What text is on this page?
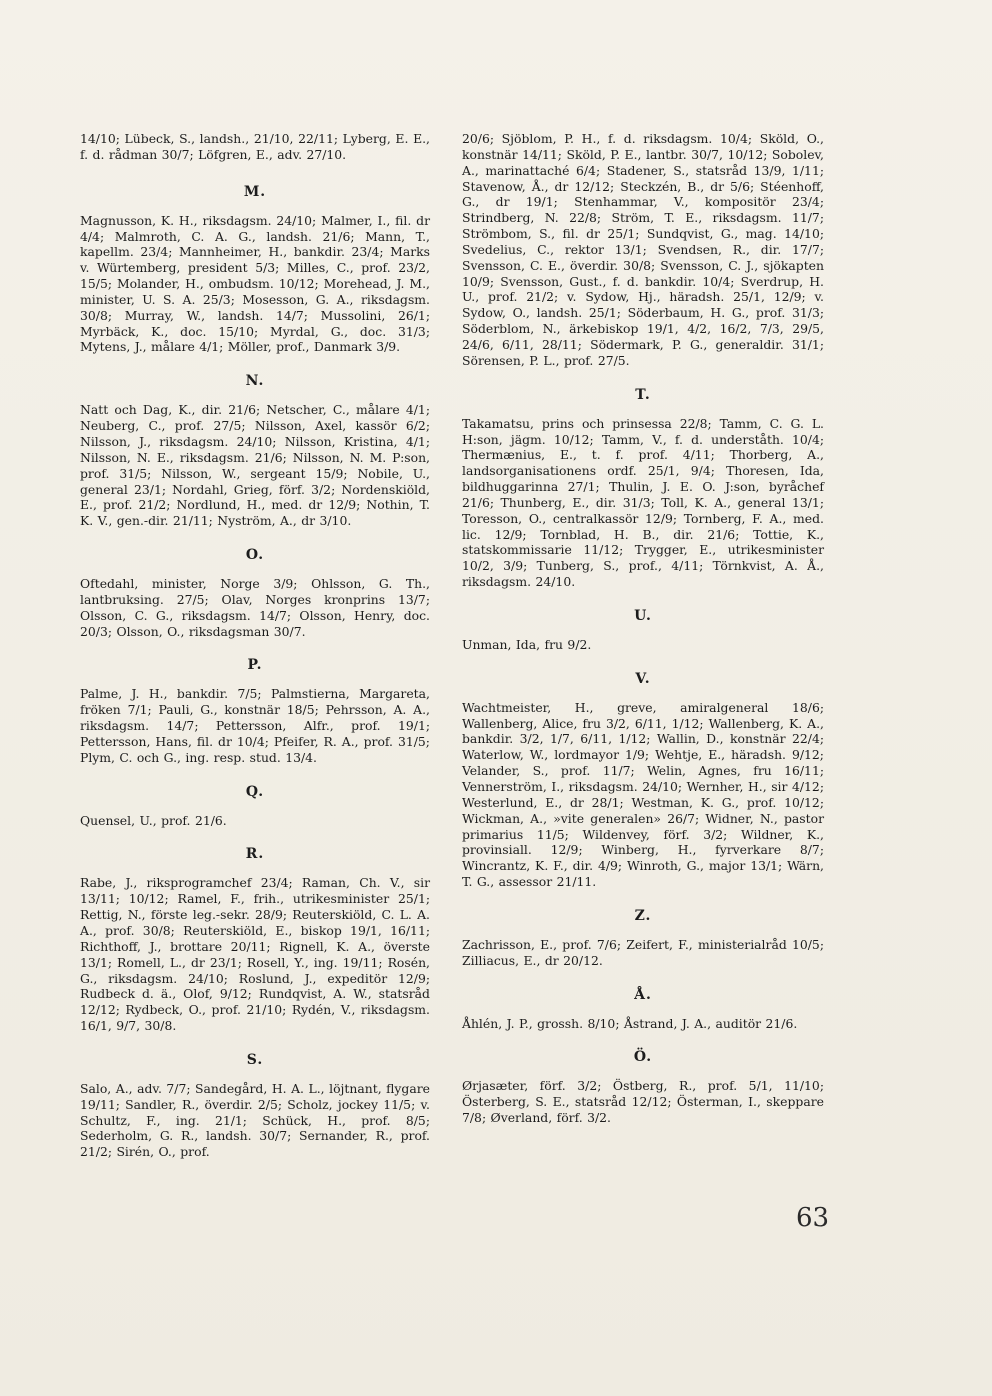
14/10; Lübeck, S., landsh., 21/10, 22/11; Lyberg, E. E., f. d. rådman 30/7; Löfgren, E., adv. 27/10.

M.

Magnusson, K. H., riksdagsm. 24/10; Malmer, I., fil. dr 4/4; Malmroth, C. A. G., landsh. 21/6; Mann, T., kapellm. 23/4; Mannheimer, H., bankdir. 23/4; Marks v. Würtemberg, president 5/3; Milles, C., prof. 23/2, 15/5; Molander, H., ombudsm. 10/12; Morehead, J. M., minister, U. S. A. 25/3; Mosesson, G. A., riksdagsm. 30/8; Murray, W., landsh. 14/7; Mussolini, 26/1; Myrbäck, K., doc. 15/10; Myrdal, G., doc. 31/3; Mytens, J., målare 4/1; Möller, prof., Danmark 3/9.

N.

Natt och Dag, K., dir. 21/6; Netscher, C., målare 4/1; Neuberg, C., prof. 27/5; Nilsson, Axel, kassör 6/2; Nilsson, J., riksdagsm. 24/10; Nilsson, Kristina, 4/1; Nilsson, N. E., riksdagsm. 21/6; Nilsson, N. M. P:son, prof. 31/5; Nilsson, W., sergeant 15/9; Nobile, U., general 23/1; Nordahl, Grieg, förf. 3/2; Nordenskiöld, E., prof. 21/2; Nordlund, H., med. dr 12/9; Nothin, T. K. V., gen.-dir. 21/11; Nyström, A., dr 3/10.

O.

Oftedahl, minister, Norge 3/9; Ohlsson, G. Th., lantbruksing. 27/5; Olav, Norges kronprins 13/7; Olsson, C. G., riksdagsm. 14/7; Olsson, Henry, doc. 20/3; Olsson, O., riksdagsman 30/7.

P.

Palme, J. H., bankdir. 7/5; Palmstierna, Margareta, fröken 7/1; Pauli, G., konstnär 18/5; Pehrsson, A. A., riksdagsm. 14/7; Pettersson, Alfr., prof. 19/1; Pettersson, Hans, fil. dr 10/4; Pfeifer, R. A., prof. 31/5; Plym, C. och G., ing. resp. stud. 13/4.

Q.

Quensel, U., prof. 21/6.

R.

Rabe, J., riksprogramchef 23/4; Raman, Ch. V., sir 13/11; 10/12; Ramel, F., frih., utrikesminister 25/1; Rettig, N., förste leg.-sekr. 28/9; Reuterskiöld, C. L. A. A., prof. 30/8; Reuterskiöld, E., biskop 19/1, 16/11; Richthoff, J., brottare 20/11; Rignell, K. A., överste 13/1; Romell, L., dr 23/1; Rosell, Y., ing. 19/11; Rosén, G., riksdagsm. 24/10; Roslund, J., expeditör 12/9; Rudbeck d. ä., Olof, 9/12; Rundqvist, A. W., statsråd 12/12; Rydbeck, O., prof. 21/10; Rydén, V., riksdagsm. 16/1, 9/7, 30/8.

S.

Salo, A., adv. 7/7; Sandegård, H. A. L., löjtnant, flygare 19/11; Sandler, R., överdir. 2/5; Scholz, jockey 11/5; v. Schultz, F., ing. 21/1; Schück, H., prof. 8/5; Sederholm, G. R., landsh. 30/7; Sernander, R., prof. 21/2; Sirén, O., prof.

20/6; Sjöblom, P. H., f. d. riksdagsm. 10/4; Sköld, O., konstnär 14/11; Sköld, P. E., lantbr. 30/7, 10/12; Sobolev, A., marinattaché 6/4; Stadener, S., statsråd 13/9, 1/11; Stavenow, Å., dr 12/12; Steckzén, B., dr 5/6; Stéenhoff, G., dr 19/1; Stenhammar, V., kompositör 23/4; Strindberg, N. 22/8; Ström, T. E., riksdagsm. 11/7; Strömbom, S., fil. dr 25/1; Sundqvist, G., mag. 14/10; Svedelius, C., rektor 13/1; Svendsen, R., dir. 17/7; Svensson, C. E., överdir. 30/8; Svensson, C. J., sjökapten 10/9; Svensson, Gust., f. d. bankdir. 10/4; Sverdrup, H. U., prof. 21/2; v. Sydow, Hj., häradsh. 25/1, 12/9; v. Sydow, O., landsh. 25/1; Söderbaum, H. G., prof. 31/3; Söderblom, N., ärkebiskop 19/1, 4/2, 16/2, 7/3, 29/5, 24/6, 6/11, 28/11; Södermark, P. G., generaldir. 31/1; Sörensen, P. L., prof. 27/5.

T.

Takamatsu, prins och prinsessa 22/8; Tamm, C. G. L. H:son, jägm. 10/12; Tamm, V., f. d. underståth. 10/4; Thermænius, E., t. f. prof. 4/11; Thorberg, A., landsorganisationens ordf. 25/1, 9/4; Thoresen, Ida, bildhuggarinna 27/1; Thulin, J. E. O. J:son, byråchef 21/6; Thunberg, E., dir. 31/3; Toll, K. A., general 13/1; Toresson, O., centralkassör 12/9; Tornberg, F. A., med. lic. 12/9; Tornblad, H. B., dir. 21/6; Tottie, K., statskommissarie 11/12; Trygger, E., utrikesminister 10/2, 3/9; Tunberg, S., prof., 4/11; Törnkvist, A. Å., riksdagsm. 24/10.

U.

Unman, Ida, fru 9/2.

V.

Wachtmeister, H., greve, amiralgeneral 18/6; Wallenberg, Alice, fru 3/2, 6/11, 1/12; Wallenberg, K. A., bankdir. 3/2, 1/7, 6/11, 1/12; Wallin, D., konstnär 22/4; Waterlow, W., lordmayor 1/9; Wehtje, E., häradsh. 9/12; Velander, S., prof. 11/7; Welin, Agnes, fru 16/11; Vennerström, I., riksdagsm. 24/10; Wernher, H., sir 4/12; Westerlund, E., dr 28/1; Westman, K. G., prof. 10/12; Wickman, A., »vite generalen» 26/7; Widner, N., pastor primarius 11/5; Wildenvey, förf. 3/2; Wildner, K., provinsiall. 12/9; Winberg, H., fyrverkare 8/7; Wincrantz, K. F., dir. 4/9; Winroth, G., major 13/1; Wärn, T. G., assessor 21/11.

Z.

Zachrisson, E., prof. 7/6; Zeifert, F., ministerialråd 10/5; Zilliacus, E., dr 20/12.

Å.

Åhlén, J. P., grossh. 8/10; Åstrand, J. A., auditör 21/6.

Ö.

Ørjasæter, förf. 3/2; Östberg, R., prof. 5/1, 11/10; Österberg, S. E., statsråd 12/12; Österman, I., skeppare 7/8; Øverland, förf. 3/2.

63
